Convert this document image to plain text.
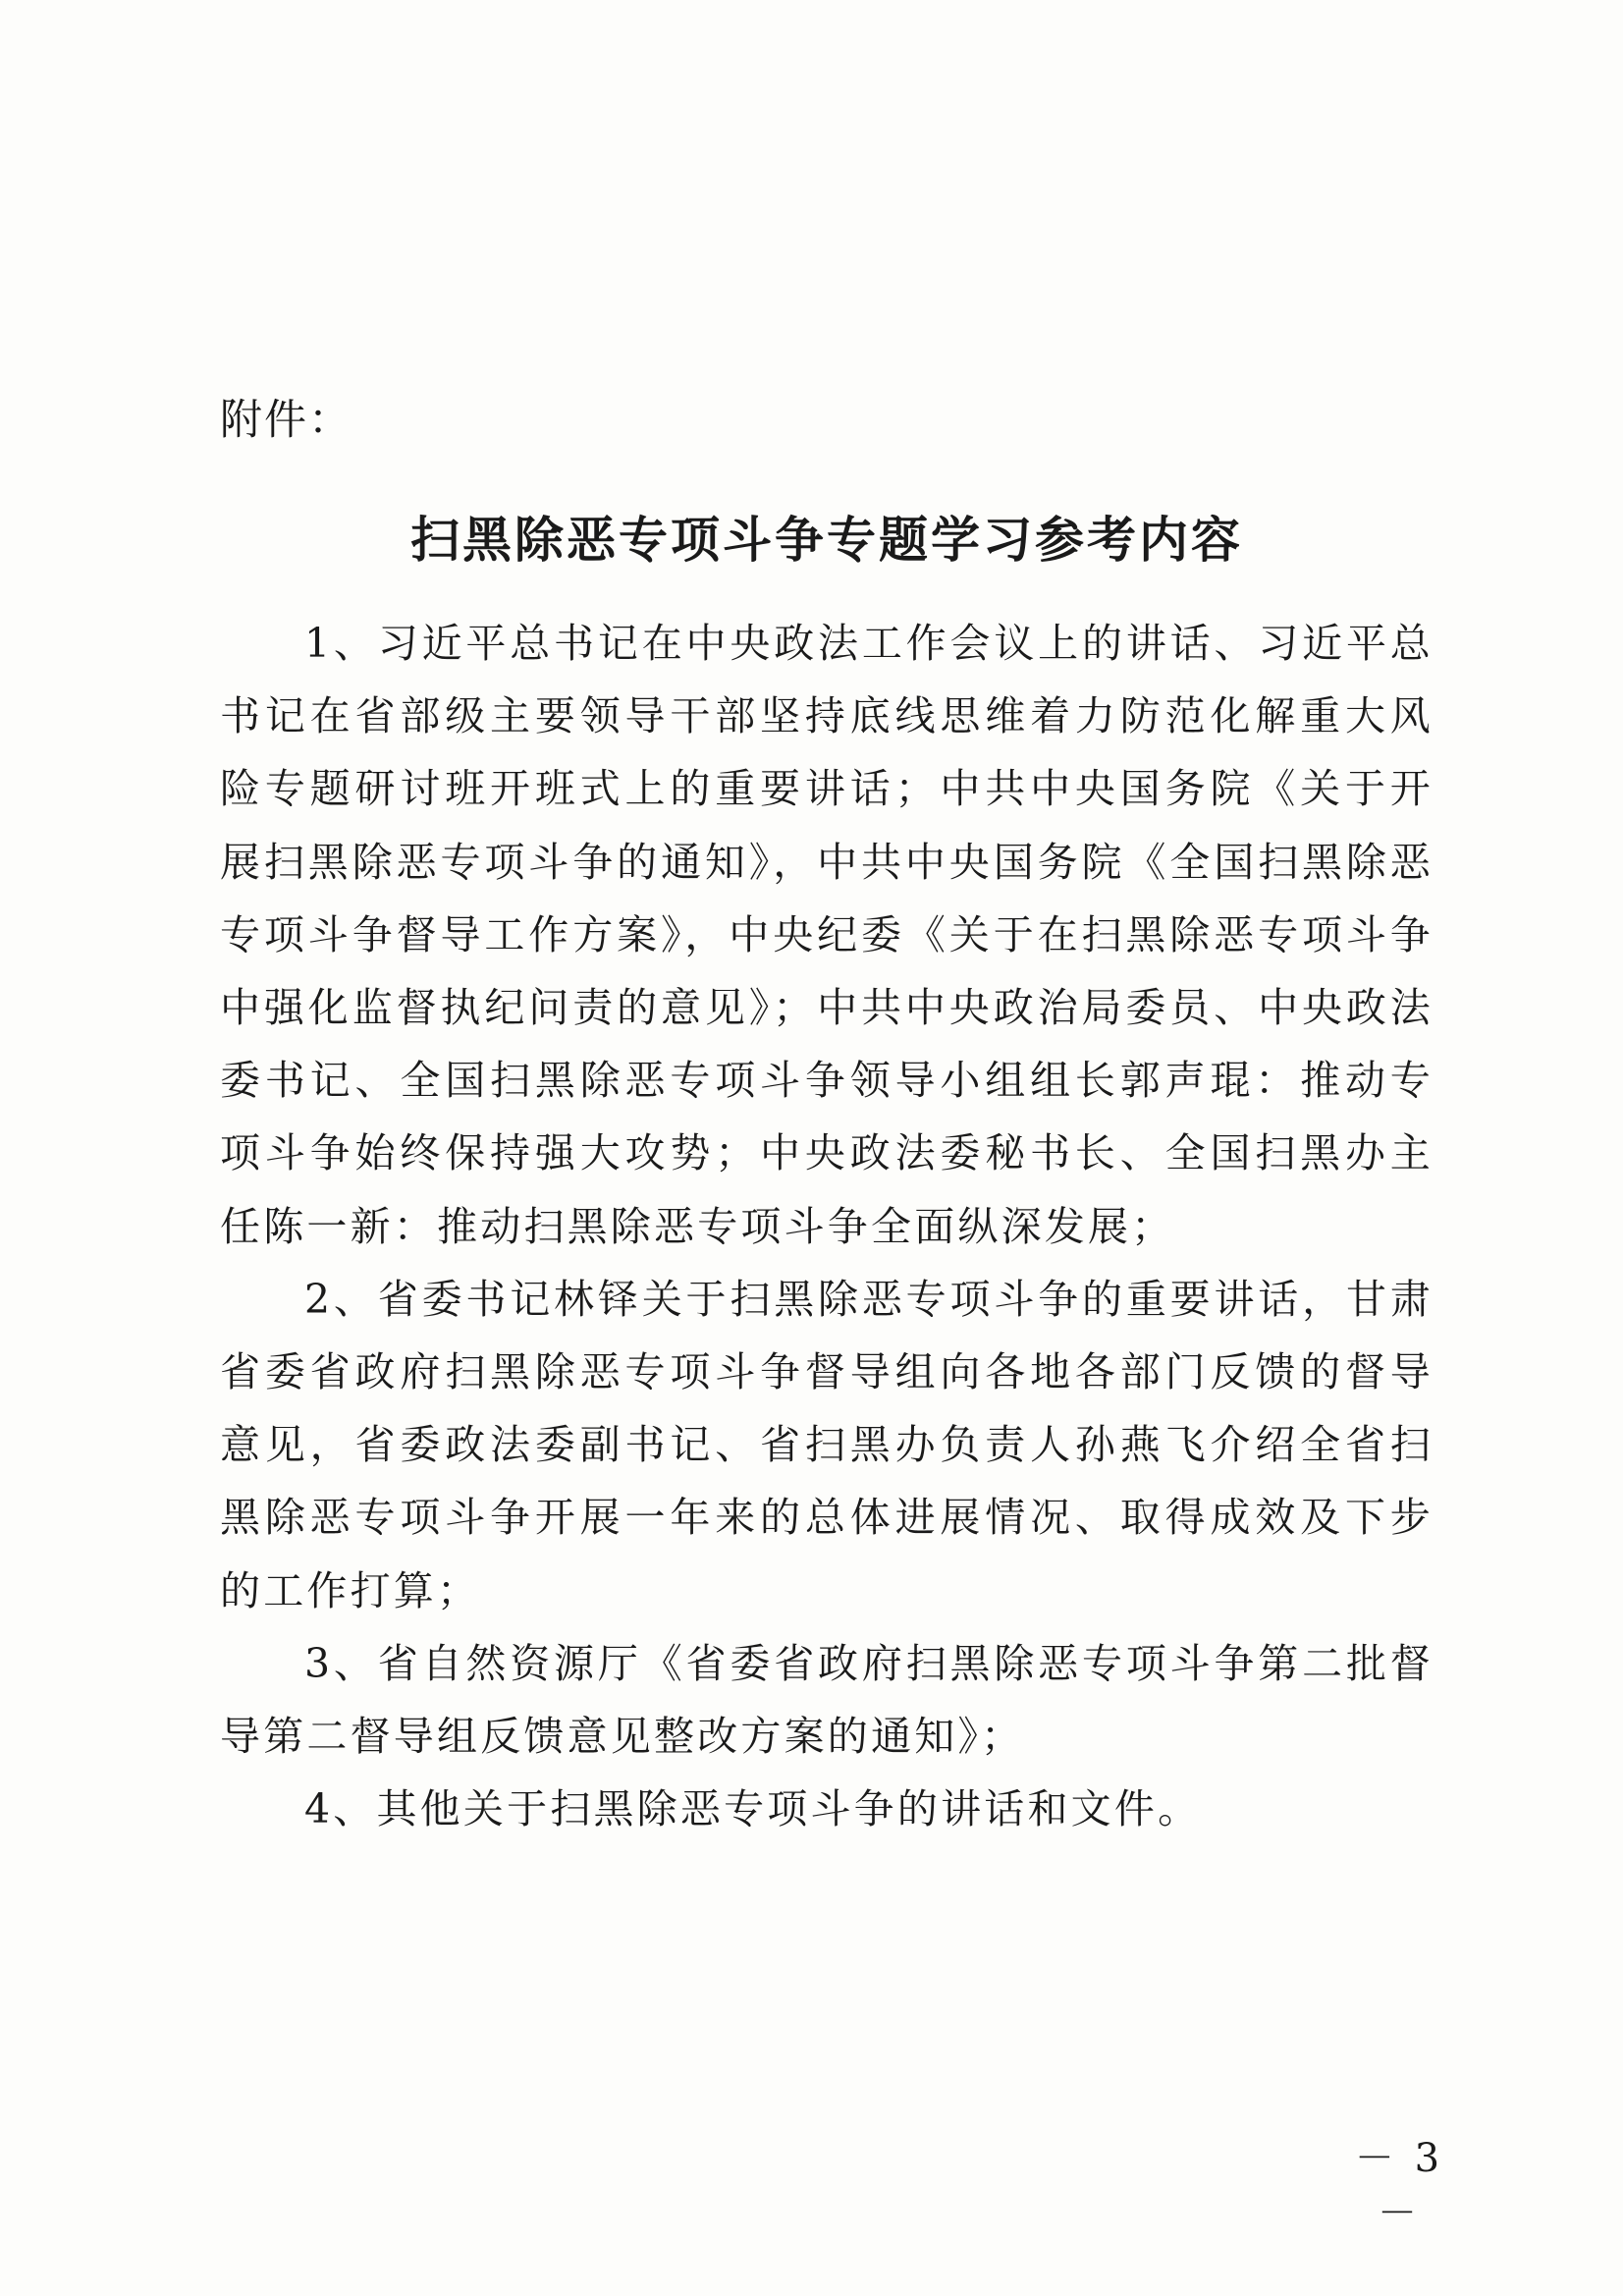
附件：
扫黑除恶专项斗争专题学习参考内容

1、习近平总书记在中央政法工作会议上的讲话、习近平总书记在省部级主要领导干部坚持底线思维着力防范化解重大风险专题研讨班开班式上的重要讲话；中共中央国务院《关于开展扫黑除恶专项斗争的通知》，中共中央国务院《全国扫黑除恶专项斗争督导工作方案》，中央纪委《关于在扫黑除恶专项斗争中强化监督执纪问责的意见》；中共中央政治局委员、中央政法委书记、全国扫黑除恶专项斗争领导小组组长郭声琨：推动专项斗争始终保持强大攻势；中央政法委秘书长、全国扫黑办主任陈一新：推动扫黑除恶专项斗争全面纵深发展；

2、省委书记林铎关于扫黑除恶专项斗争的重要讲话，甘肃省委省政府扫黑除恶专项斗争督导组向各地各部门反馈的督导意见，省委政法委副书记、省扫黑办负责人孙燕飞介绍全省扫黑除恶专项斗争开展一年来的总体进展情况、取得成效及下步的工作打算；

3、省自然资源厅《省委省政府扫黑除恶专项斗争第二批督导第二督导组反馈意见整改方案的通知》；

4、其他关于扫黑除恶专项斗争的讲话和文件。

－ 3 －
